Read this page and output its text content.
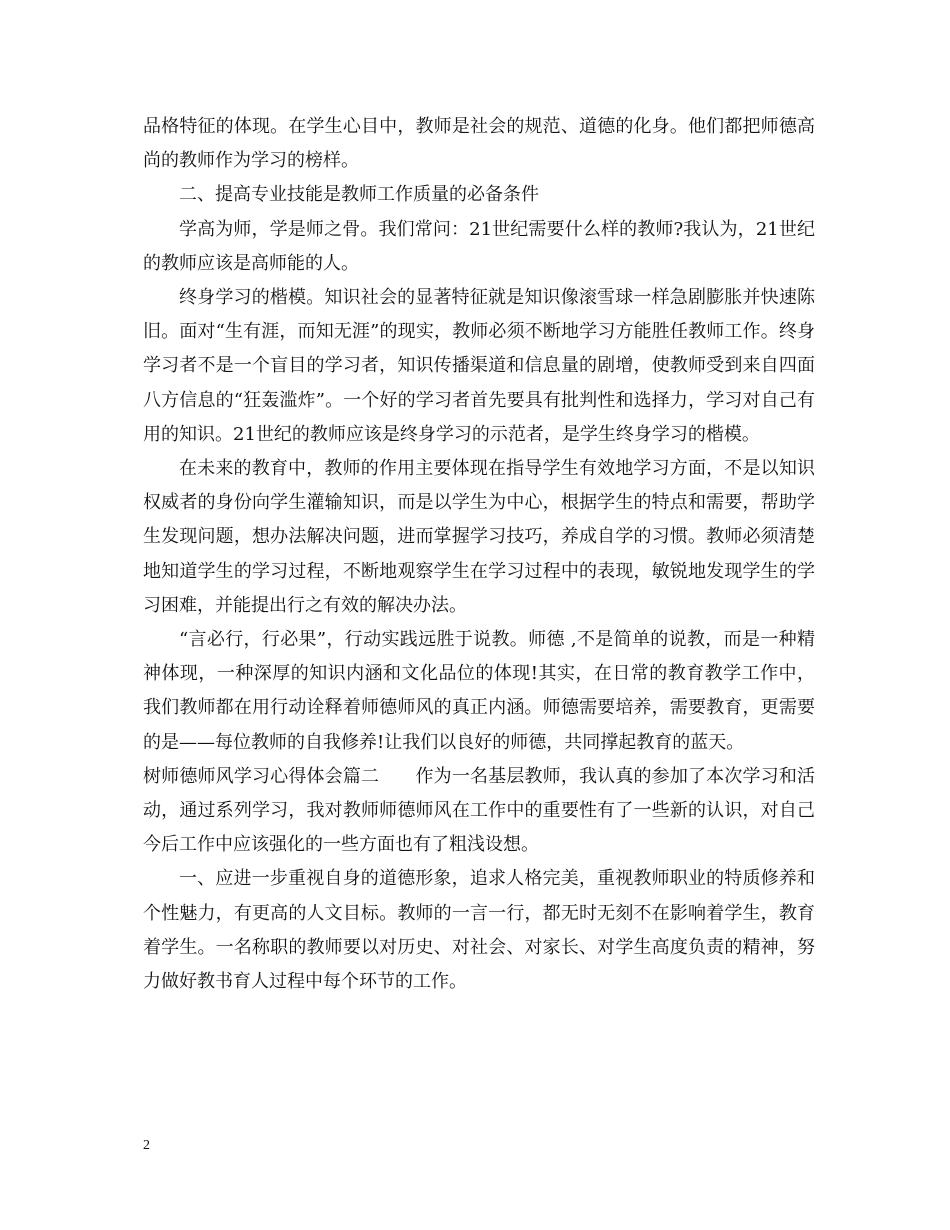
品格特征的体现。在学生心目中，教师是社会的规范、道德的化身。他们都把师德高尚的教师作为学习的榜样。

二、提高专业技能是教师工作质量的必备条件

学高为师，学是师之骨。我们常问：21世纪需要什么样的教师?我认为，21世纪的教师应该是高师能的人。

终身学习的楷模。知识社会的显著特征就是知识像滚雪球一样急剧膨胀并快速陈旧。面对“生有涯，而知无涯”的现实，教师必须不断地学习方能胜任教师工作。终身学习者不是一个盲目的学习者，知识传播渠道和信息量的剧增，使教师受到来自四面八方信息的“狂轰滥炸”。一个好的学习者首先要具有批判性和选择力，学习对自己有用的知识。21世纪的教师应该是终身学习的示范者，是学生终身学习的楷模。

在未来的教育中，教师的作用主要体现在指导学生有效地学习方面，不是以知识权威者的身份向学生灌输知识，而是以学生为中心，根据学生的特点和需要，帮助学生发现问题，想办法解决问题，进而掌握学习技巧，养成自学的习惯。教师必须清楚地知道学生的学习过程，不断地观察学生在学习过程中的表现，敏锐地发现学生的学习困难，并能提出行之有效的解决办法。

“言必行，行必果”，行动实践远胜于说教。师德 ,不是简单的说教，而是一种精神体现，一种深厚的知识内涵和文化品位的体现!其实，在日常的教育教学工作中，我们教师都在用行动诠释着师德师风的真正内涵。师德需要培养，需要教育，更需要的是——每位教师的自我修养!让我们以良好的师德，共同撑起教育的蓝天。

树师德师风学习心得体会篇二　　作为一名基层教师，我认真的参加了本次学习和活动，通过系列学习，我对教师师德师风在工作中的重要性有了一些新的认识，对自己今后工作中应该强化的一些方面也有了粗浅设想。

一、应进一步重视自身的道德形象，追求人格完美，重视教师职业的特质修养和个性魅力，有更高的人文目标。教师的一言一行，都无时无刻不在影响着学生，教育着学生。一名称职的教师要以对历史、对社会、对家长、对学生高度负责的精神，努力做好教书育人过程中每个环节的工作。

2
